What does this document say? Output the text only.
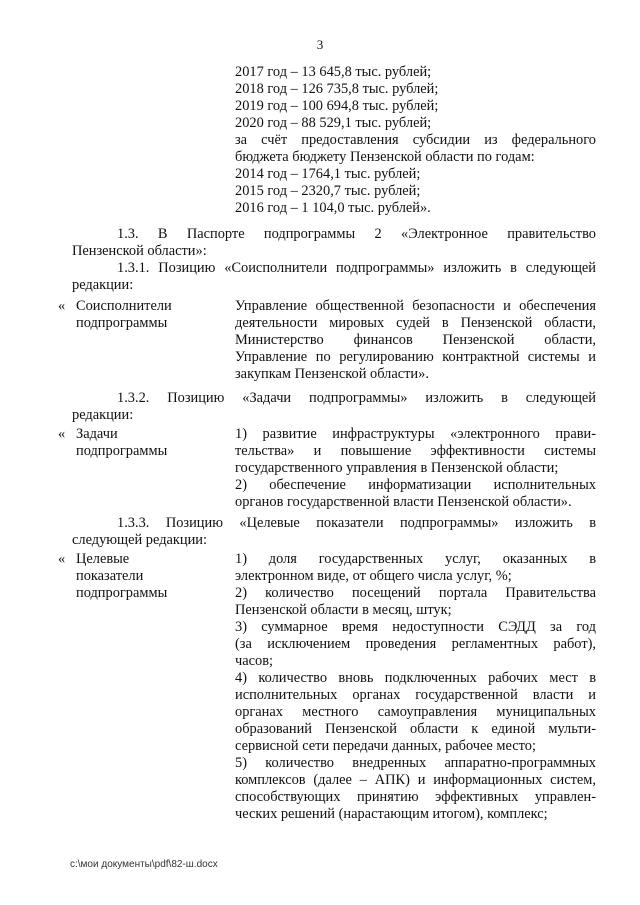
3
2017 год – 13 645,8 тыс. рублей;
2018 год – 126 735,8 тыс. рублей;
2019 год – 100 694,8 тыс. рублей;
2020 год – 88 529,1 тыс. рублей;
за счёт предоставления субсидии из федерального
бюджета бюджету Пензенской области по годам:
2014 год – 1764,1 тыс. рублей;
2015 год – 2320,7 тыс. рублей;
2016 год – 1 104,0 тыс. рублей».
1.3. В Паспорте подпрограммы 2 «Электронное правительство
Пензенской области»:
1.3.1. Позицию «Соисполнители подпрограммы» изложить в следующей
редакции:
« Соисполнители
подпрограммы
Управление общественной безопасности и обеспечения
деятельности мировых судей в Пензенской области,
Министерство финансов Пензенской области,
Управление по регулированию контрактной системы и
закупкам Пензенской области».
1.3.2. Позицию «Задачи подпрограммы» изложить в следующей
редакции:
« Задачи
подпрограммы
1) развитие инфраструктуры «электронного прави-
тельства» и повышение эффективности системы
государственного управления в Пензенской области;
2) обеспечение информатизации исполнительных
органов государственной власти Пензенской области».
1.3.3. Позицию «Целевые показатели подпрограммы» изложить в
следующей редакции:
« Целевые
показатели
подпрограммы
1) доля государственных услуг, оказанных в
электронном виде, от общего числа услуг, %;
2) количество посещений портала Правительства
Пензенской области в месяц, штук;
3) суммарное время недоступности СЭДД за год
(за исключением проведения регламентных работ),
часов;
4) количество вновь подключенных рабочих мест в
исполнительных органах государственной власти и
органах местного самоуправления муниципальных
образований Пензенской области к единой мульти-
сервисной сети передачи данных, рабочее место;
5) количество внедренных аппаратно-программных
комплексов (далее – АПК) и информационных систем,
способствующих принятию эффективных управлен-
ческих решений (нарастающим итогом), комплекс;
c:\мои документы\pdf\82-ш.docx
